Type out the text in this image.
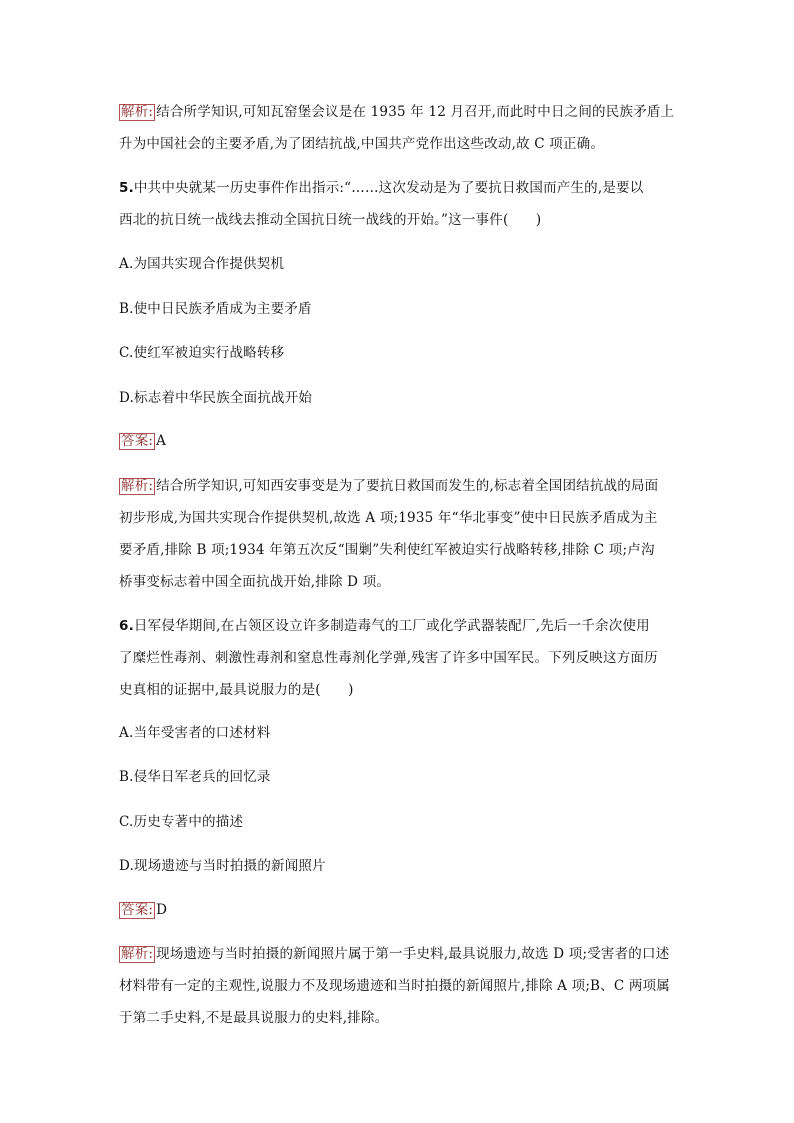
解析: 结合所学知识,可知瓦窑堡会议是在 1935 年 12 月召开,而此时中日之间的民族矛盾上
升为中国社会的主要矛盾,为了团结抗战,中国共产党作出这些改动,故 C 项正确。
5.中共中央就某一历史事件作出指示:“……这次发动是为了要抗日救国而产生的,是要以
西北的抗日统一战线去推动全国抗日统一战线的开始。”这一事件(　　)
A.为国共实现合作提供契机
B.使中日民族矛盾成为主要矛盾
C.使红军被迫实行战略转移
D.标志着中华民族全面抗战开始
答案: A
解析: 结合所学知识,可知西安事变是为了要抗日救国而发生的,标志着全国团结抗战的局面
初步形成,为国共实现合作提供契机,故选 A 项;1935 年“华北事变”使中日民族矛盾成为主
要矛盾,排除 B 项;1934 年第五次反“围剿”失利使红军被迫实行战略转移,排除 C 项;卢沟
桥事变标志着中国全面抗战开始,排除 D 项。
6.日军侵华期间,在占领区设立许多制造毒气的工厂或化学武器装配厂,先后一千余次使用
了糜烂性毒剂、刺激性毒剂和窒息性毒剂化学弹,残害了许多中国军民。下列反映这方面历
史真相的证据中,最具说服力的是(　　)
A.当年受害者的口述材料
B.侵华日军老兵的回忆录
C.历史专著中的描述
D.现场遗迹与当时拍摄的新闻照片
答案: D
解析: 现场遗迹与当时拍摄的新闻照片属于第一手史料,最具说服力,故选 D 项;受害者的口述
材料带有一定的主观性,说服力不及现场遗迹和当时拍摄的新闻照片,排除 A 项;B、C 两项属
于第二手史料,不是最具说服力的史料,排除。
